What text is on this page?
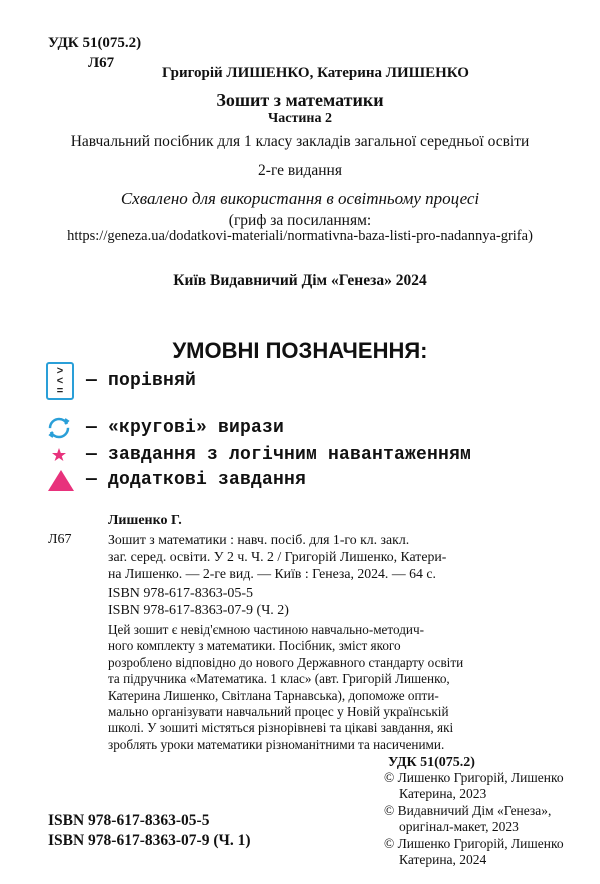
УДК 51(075.2)
Л67
Григорій ЛИШЕНКО, Катерина ЛИШЕНКО
Зошит з математики
Частина 2
Навчальний посібник для 1 класу закладів загальної середньої освіти
2-ге видання
Схвалено для використання в освітньому процесі
(гриф за посиланням:
https://geneza.ua/dodatkovi-materiali/normativna-baza-listi-pro-nadannya-grifa)
Київ Видавничий Дім «Генеза» 2024
УМОВНІ ПОЗНАЧЕННЯ:
>
<
= — порівняй
— «кругові» вирази
— завдання з логічним навантаженням
— додаткові завдання
Лишенко Г.
Л67	Зошит з математики : навч. посіб. для 1-го кл. закл.
заг. серед. освіти. У 2 ч. Ч. 2 / Григорій Лишенко, Катери-
на Лишенко. — 2-ге вид. — Київ : Генеза, 2024. — 64 с.
ISBN 978-617-8363-05-5
ISBN 978-617-8363-07-9 (Ч. 2)

Цей зошит є невід'ємною частиною навчально-методич-

ного комплекту з математики. Посібник, зміст якого

розроблено відповідно до нового Державного стандарту освіти

та підручника «Математика. 1 клас» (авт. Григорій Лишенко,

Катерина Лишенко, Світлана Тарнавська), допоможе опти-

мально організувати навчальний процес у Новій українській

школі. У зошиті містяться різнорівневі та цікаві завдання, які

зроблять уроки математики різноманітними та насиченими.

УДК 51(075.2)
© Лишенко Григорій, Лишенко
Катерина, 2023
© Видавничий Дім «Генеза»,
оригінал-макет, 2023
© Лишенко Григорій, Лишенко
Катерина, 2024
ISBN 978-617-8363-05-5
ISBN 978-617-8363-07-9 (Ч. 1)
